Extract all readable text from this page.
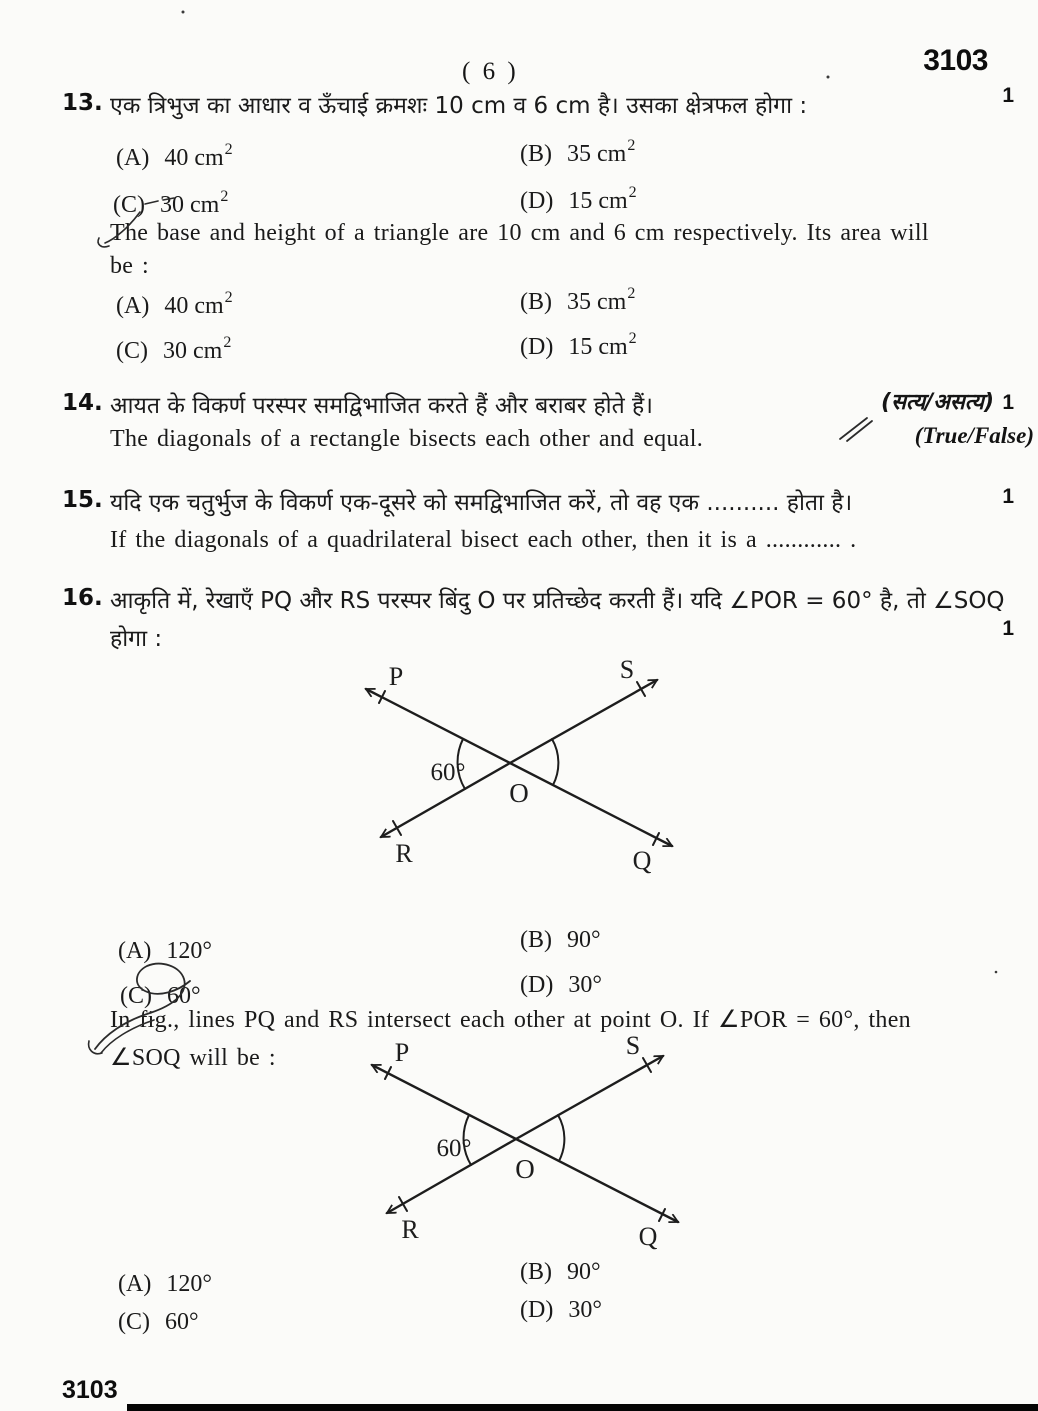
( 6 )	3103
1
13. एक त्रिभुज का आधार व ऊँचाई क्रमशः 10 cm व 6 cm है। उसका क्षेत्रफल होगा :
(A) 40 $cm^2$	(B) 35 $cm^2$
(C) 30 $cm^2$	(D) 15 $cm^2$
The base and height of a triangle are 10 cm and 6 cm respectively. Its area will
be :
(A) 40 $cm^2$	(B) 35 $cm^2$
(C) 30 $cm^2$	(D) 15 $cm^2$
14. आयत के विकर्ण परस्पर समद्विभाजित करते हैं और बराबर होते हैं।	(सत्य/असत्य) 1
The diagonals of a rectangle bisects each other and equal.	(True/False)
15. यदि एक चतुर्भुज के विकर्ण एक-दूसरे को समद्विभाजित करें, तो वह एक .......... होता है।	1
If the diagonals of a quadrilateral bisect each other, then it is a ............ .
16. आकृति में, रेखाएँ PQ और RS परस्पर बिंदु O पर प्रतिच्छेद करती हैं। यदि ∠POR = 60° है, तो ∠SOQ
होगा :	1
P	S
R	Q
O
60°
(A) 120°	(B) 90°
(C) 60°	(D) 30°
In fig., lines PQ and RS intersect each other at point O. If ∠POR = 60°, then
∠SOQ will be :	P	S
R	Q
O
60°
(A) 120°	(B) 90°
(C) 60°	(D) 30°
3103
